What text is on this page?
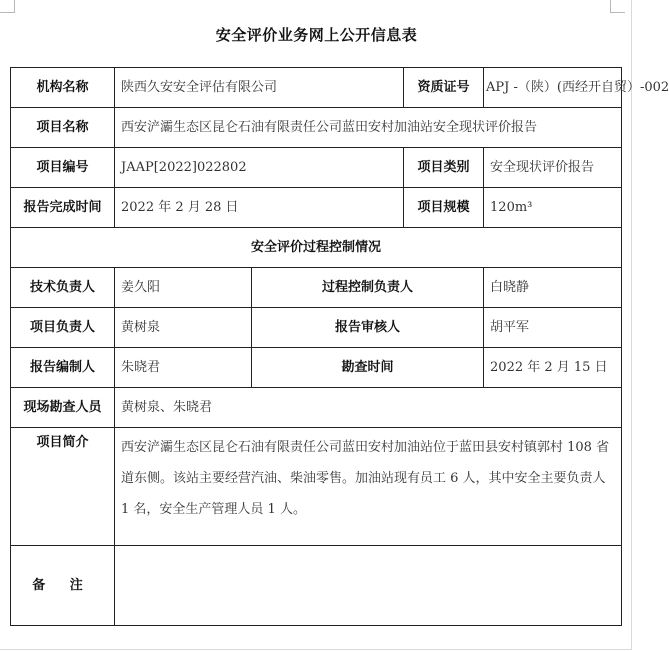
安全评价业务网上公开信息表
机构名称	陕西久安安全评估有限公司		资质证号	APJ -（陕）(西经开自贸）-002
项目名称	西安浐灞生态区昆仑石油有限责任公司蓝田安村加油站安全现状评价报告			
项目编号	JAAP[2022]022802		项目类别	安全现状评价报告
报告完成时间	2022 年 2 月 28 日		项目规模	120m³
安全评价过程控制情况				
技术负责人	姜久阳	过程控制负责人		白晓静
项目负责人	黄树泉	报告审核人		胡平军
报告编制人	朱晓君	勘查时间		2022 年 2 月 15 日
现场勘查人员	黄树泉、朱晓君			
项目简介	西安浐灞生态区昆仑石油有限责任公司蓝田安村加油站位于蓝田县安村镇郭村 108 省道东侧。该站主要经营汽油、柴油零售。加油站现有员工 6 人，其中安全主要负责人 1 名，安全生产管理人员 1 人。			
备 注				
